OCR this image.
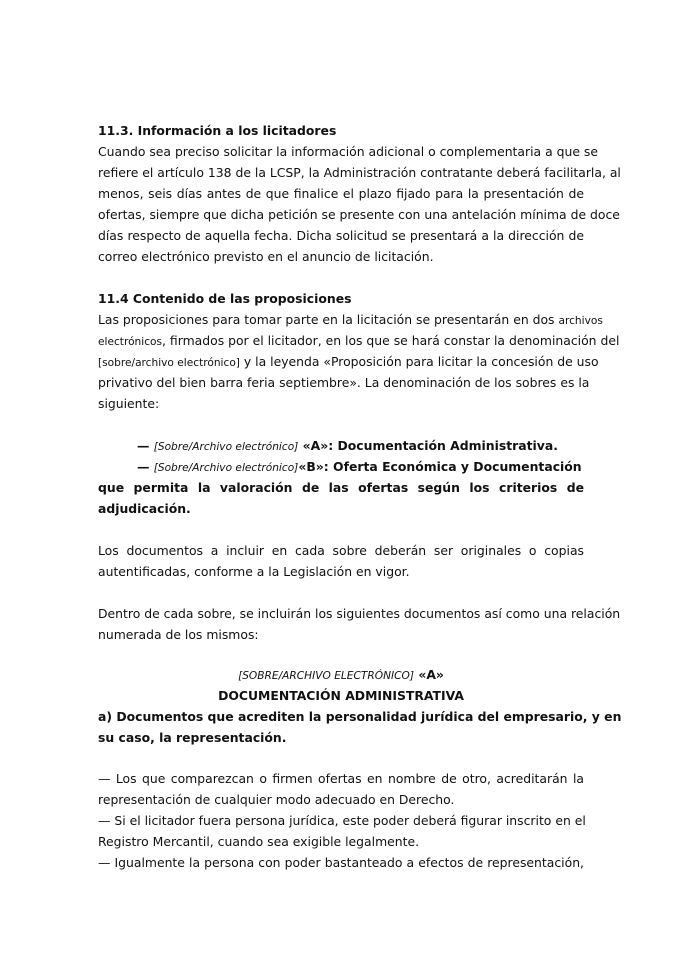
11.3. Información a los licitadores
Cuando sea preciso solicitar la información adicional o complementaria a que se
refiere el artículo 138 de la LCSP, la Administración contratante deberá facilitarla, al
menos, seis días antes de que finalice el plazo fijado para la presentación de
ofertas, siempre que dicha petición se presente con una antelación mínima de doce
días respecto de aquella fecha. Dicha solicitud se presentará a la dirección de
correo electrónico previsto en el anuncio de licitación.
11.4 Contenido de las proposiciones
Las proposiciones para tomar parte en la licitación se presentarán en dos archivos
electrónicos, firmados por el licitador, en los que se hará constar la denominación del
[sobre/archivo electrónico] y la leyenda «Proposición para licitar la concesión de uso
privativo del bien barra feria septiembre». La denominación de los sobres es la
siguiente:
— [Sobre/Archivo electrónico] «A»: Documentación Administrativa.
— [Sobre/Archivo electrónico]«B»: Oferta Económica y Documentación
que permita la valoración de las ofertas según los criterios de
adjudicación.
Los documentos a incluir en cada sobre deberán ser originales o copias
autentificadas, conforme a la Legislación en vigor.
Dentro de cada sobre, se incluirán los siguientes documentos así como una relación
numerada de los mismos:
[SOBRE/ARCHIVO ELECTRÓNICO] «A»
DOCUMENTACIÓN ADMINISTRATIVA
a) Documentos que acrediten la personalidad jurídica del empresario, y en
su caso, la representación.
— Los que comparezcan o firmen ofertas en nombre de otro, acreditarán la
representación de cualquier modo adecuado en Derecho.
— Si el licitador fuera persona jurídica, este poder deberá figurar inscrito en el
Registro Mercantil, cuando sea exigible legalmente.
— Igualmente la persona con poder bastanteado a efectos de representación,
